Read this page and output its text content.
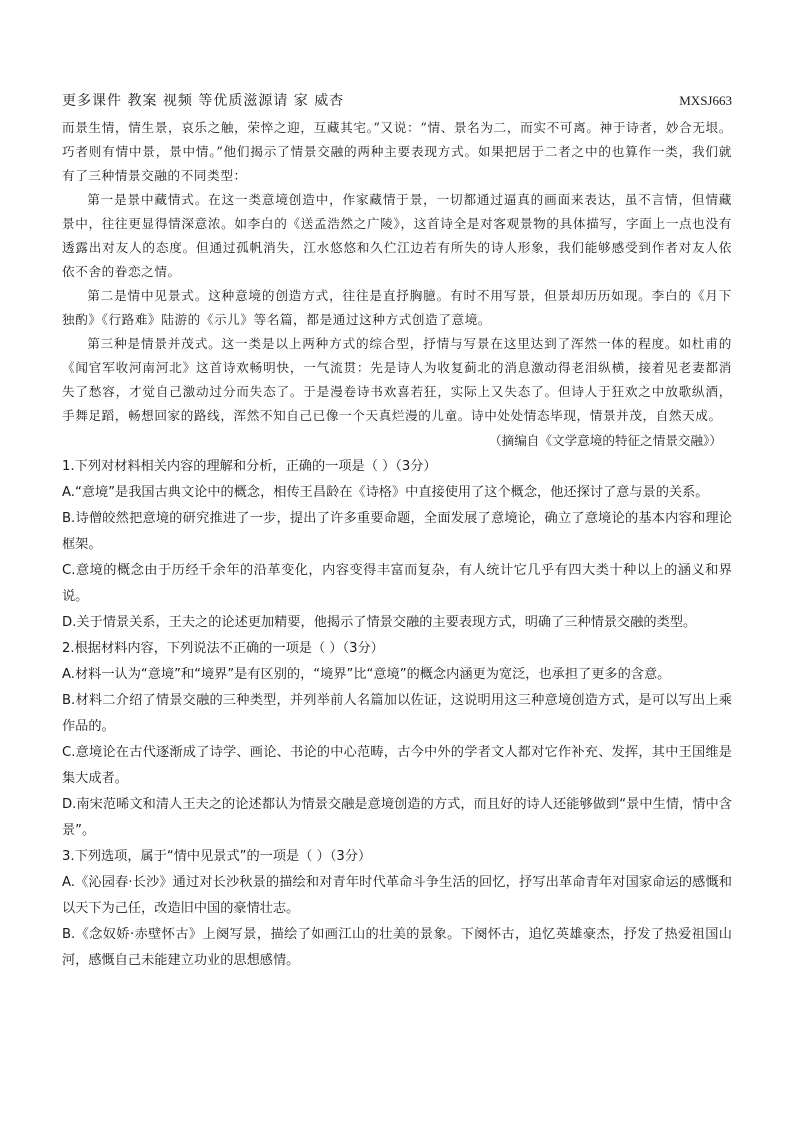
更多课件 教案 视频 等优质滋源请 家 威杏	MXSJ663

而景生情，情生景，哀乐之触，荣悴之迎，互藏其宅。”又说：“情、景名为二，而实不可离。神于诗者，妙合无垠。巧者则有情中景，景中情。”他们揭示了情景交融的两种主要表现方式。如果把居于二者之中的也算作一类，我们就有了三种情景交融的不同类型：

第一是景中藏情式。在这一类意境创造中，作家藏情于景，一切都通过逼真的画面来表达，虽不言情，但情藏景中，往往更显得情深意浓。如李白的《送孟浩然之广陵》，这首诗全是对客观景物的具体描写，字面上一点也没有透露出对友人的态度。但通过孤帆消失，江水悠悠和久伫江边若有所失的诗人形象，我们能够感受到作者对友人依依不舍的眷恋之情。

第二是情中见景式。这种意境的创造方式，往往是直抒胸臆。有时不用写景，但景却历历如现。李白的《月下独酌》《行路难》陆游的《示儿》等名篇，都是通过这种方式创造了意境。

第三种是情景并茂式。这一类是以上两种方式的综合型，抒情与写景在这里达到了浑然一体的程度。如杜甫的《闻官军收河南河北》这首诗欢畅明快，一气流贯：先是诗人为收复蓟北的消息激动得老泪纵横，接着见老妻都消失了愁容，才觉自己激动过分而失态了。于是漫卷诗书欢喜若狂，实际上又失态了。但诗人于狂欢之中放歌纵酒，手舞足蹈，畅想回家的路线，浑然不知自己已像一个天真烂漫的儿童。诗中处处情态毕现，情景并茂，自然天成。

（摘编自《文学意境的特征之情景交融》）

1.下列对材料相关内容的理解和分析，正确的一项是（ ）（3分）

A.“意境”是我国古典文论中的概念，相传王昌龄在《诗格》中直接使用了这个概念，他还探讨了意与景的关系。

B.诗僧皎然把意境的研究推进了一步，提出了许多重要命题，全面发展了意境论，确立了意境论的基本内容和理论框架。

C.意境的概念由于历经千余年的沿革变化，内容变得丰富而复杂，有人统计它几乎有四大类十种以上的涵义和界说。

D.关于情景关系，王夫之的论述更加精要，他揭示了情景交融的主要表现方式，明确了三种情景交融的类型。

2.根据材料内容，下列说法不正确的一项是（ ）（3分）

A.材料一认为“意境”和“境界”是有区别的，“境界”比“意境”的概念内涵更为宽泛，也承担了更多的含意。

B.材料二介绍了情景交融的三种类型，并列举前人名篇加以佐证，这说明用这三种意境创造方式，是可以写出上乘作品的。

C.意境论在古代逐渐成了诗学、画论、书论的中心范畴，古今中外的学者文人都对它作补充、发挥，其中王国维是集大成者。

D.南宋范晞文和清人王夫之的论述都认为情景交融是意境创造的方式，而且好的诗人还能够做到“景中生情，情中含景”。

3.下列选项，属于“情中见景式”的一项是（ ）（3分）

A.《沁园春·长沙》通过对长沙秋景的描绘和对青年时代革命斗争生活的回忆，抒写出革命青年对国家命运的感慨和以天下为己任，改造旧中国的豪情壮志。

B.《念奴娇·赤壁怀古》上阕写景，描绘了如画江山的壮美的景象。下阕怀古，追忆英雄豪杰，抒发了热爱祖国山河，感慨自己未能建立功业的思想感情。
